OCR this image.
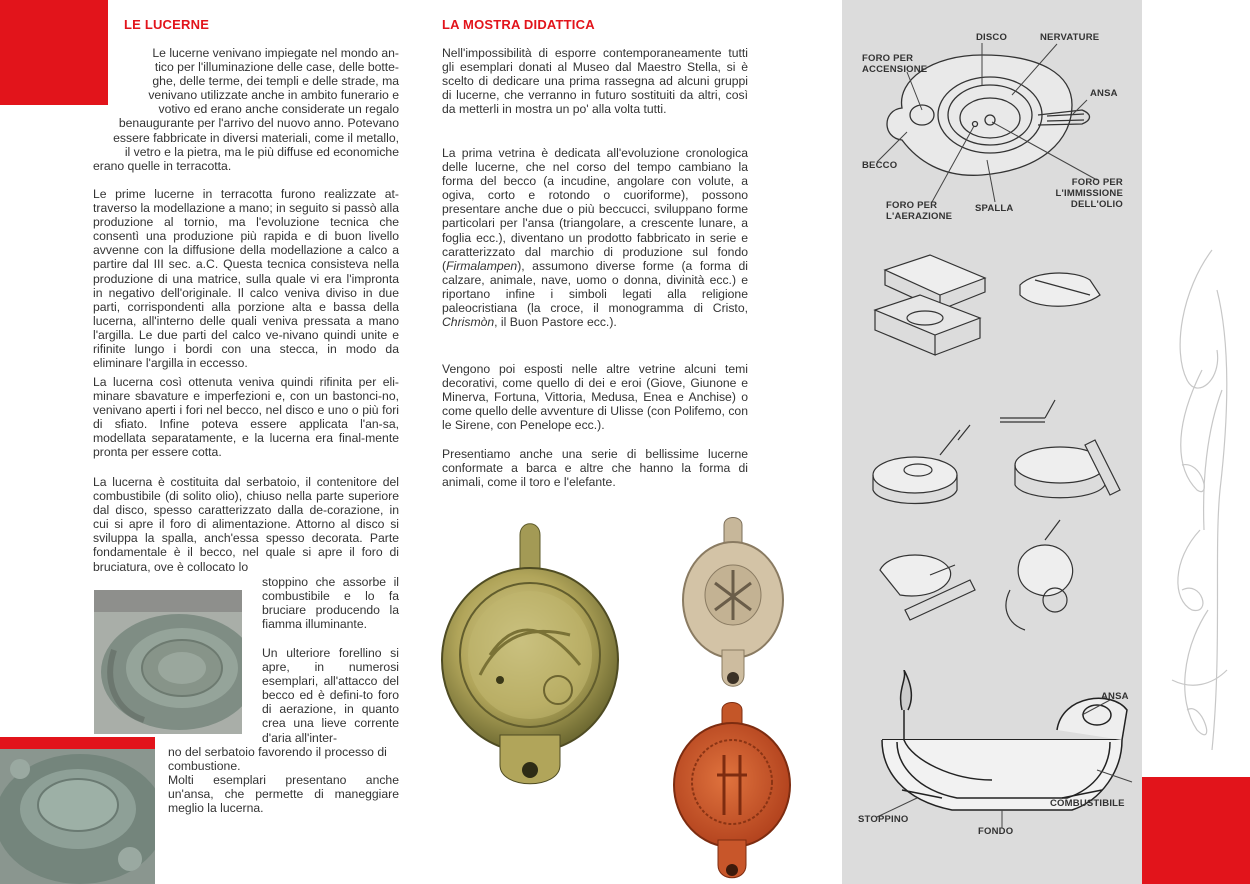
LE LUCERNE
Le lucerne venivano impiegate nel mondo an-
tico per l'illuminazione delle case, delle botte-
ghe, delle terme, dei templi e delle strade, ma
venivano utilizzate anche in ambito funerario e
votivo ed erano anche considerate un regalo
benaugurante per l'arrivo del nuovo anno. Potevano
essere fabbricate in diversi materiali, come il metallo,
il vetro e la pietra, ma le più diffuse ed economiche
erano quelle in terracotta.

Le prime lucerne in terracotta furono realizzate at-traverso la modellazione a mano; in seguito si passò alla produzione al tornio, ma l'evoluzione tecnica che consentì una produzione più rapida e di buon livello avvenne con la diffusione della modellazione a calco a partire dal III sec. a.C. Questa tecnica consisteva nella produzione di una matrice, sulla quale vi era l'impronta in negativo dell'originale. Il calco veniva diviso in due parti, corrispondenti alla porzione alta e bassa della lucerna, all'interno delle quali veniva pressata a mano l'argilla. Le due parti del calco ve-nivano quindi unite e rifinite lungo i bordi con una stecca, in modo da eliminare l'argilla in eccesso.

La lucerna così ottenuta veniva quindi rifinita per eli-minare sbavature e imperfezioni e, con un bastonci-no, venivano aperti i fori nel becco, nel disco e uno o più fori di sfiato. Infine poteva essere applicata l'an-sa, modellata separatamente, e la lucerna era final-mente pronta per essere cotta.

La lucerna è costituita dal serbatoio, il contenitore del combustibile (di solito olio), chiuso nella parte superiore dal disco, spesso caratterizzato dalla de-corazione, in cui si apre il foro di alimentazione. Attorno al disco si sviluppa la spalla, anch'essa spesso decorata. Parte fondamentale è il becco, nel quale si apre il foro di bruciatura, ove è collocato lo

stoppino che assorbe il combustibile e lo fa bruciare producendo la fiamma illuminante.

Un ulteriore forellino si apre, in numerosi esemplari, all'attacco del becco ed è defini-to foro di aerazione, in quanto crea una lieve corrente d'aria all'inter-

no del serbatoio favorendo il processo di combustione.

Molti esemplari presentano anche un'ansa, che permette di maneggiare meglio la lucerna.

LA MOSTRA DIDATTICA

Nell'impossibilità di esporre contemporaneamente tutti gli esemplari donati al Museo dal Maestro Stella, si è scelto di dedicare una prima rassegna ad alcuni gruppi di lucerne, che verranno in futuro sostituiti da altri, così da metterli in mostra un po' alla volta tutti.

La prima vetrina è dedicata all'evoluzione cronologica delle lucerne, che nel corso del tempo cambiano la forma del becco (a incudine, angolare con volute, a ogiva, corto e rotondo o cuoriforme), possono presentare anche due o più beccucci, sviluppano forme particolari per l'ansa (triangolare, a crescente lunare, a foglia ecc.), diventano un prodotto fabbricato in serie e caratterizzato dal marchio di produzione sul fondo (Firmalampen), assumono diverse forme (a forma di calzare, animale, nave, uomo o donna, divinità ecc.) e riportano infine i simboli legati alla religione paleocristiana (la croce, il monogramma di Cristo, Chrismòn, il Buon Pastore ecc.).

Vengono poi esposti nelle altre vetrine alcuni temi decorativi, come quello di dei e eroi (Giove, Giunone e Minerva, Fortuna, Vittoria, Medusa, Enea e Anchise) o come quello delle avventure di Ulisse (con Polifemo, con le Sirene, con Penelope ecc.).

Presentiamo anche una serie di bellissime lucerne conformate a barca e altre che hanno la forma di animali, come il toro e l'elefante.

DISCO	NERVATURE
FORO PER
ACCENSIONE
ANSA
BECCO
FORO PER
L'IMMISSIONE
DELL'OLIO
FORO PER
L'AERAZIONE
SPALLA
ANSA
COMBUSTIBILE
STOPPINO
FONDO
